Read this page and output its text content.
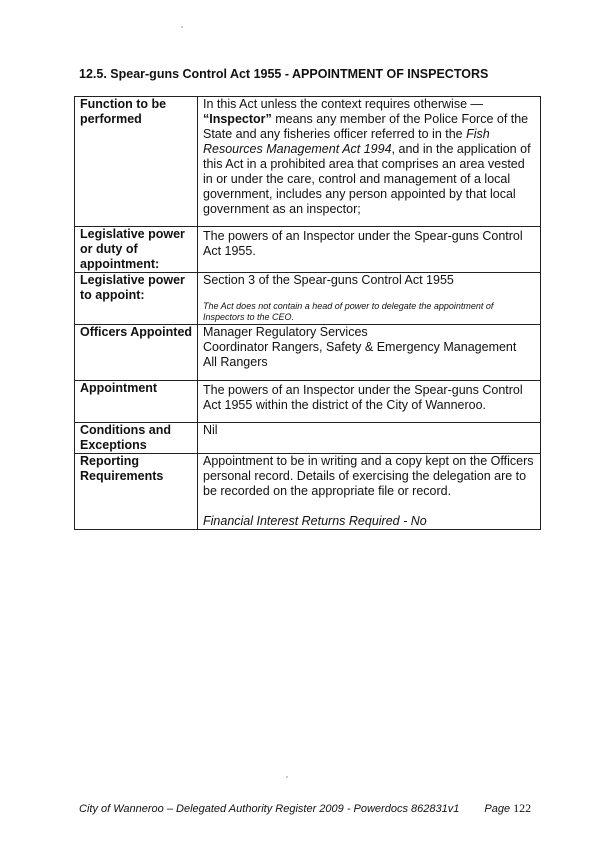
12.5. Spear-guns Control Act 1955 - APPOINTMENT OF INSPECTORS
Function to be performed	In this Act unless the context requires otherwise —
“Inspector” means any member of the Police Force of the State and any fisheries officer referred to in the Fish Resources Management Act 1994, and in the application of this Act in a prohibited area that comprises an area vested in or under the care, control and management of a local government, includes any person appointed by that local government as an inspector;

Legislative power or duty of appointment:	The powers of an Inspector under the Spear-guns Control Act 1955.

Legislative power to appoint:	Section 3 of the Spear-guns Control Act 1955
The Act does not contain a head of power to delegate the appointment of Inspectors to the CEO.

Officers Appointed	Manager Regulatory Services
Coordinator Rangers, Safety & Emergency Management
All Rangers

Appointment	The powers of an Inspector under the Spear-guns Control Act 1955 within the district of the City of Wanneroo.

Conditions and Exceptions	Nil

Reporting Requirements	Appointment to be in writing and a copy kept on the Officers personal record. Details of exercising the delegation are to be recorded on the appropriate file or record.
Financial Interest Returns Required - No
City of Wanneroo – Delegated Authority Register 2009 - Powerdocs 862831v1 Page 122
